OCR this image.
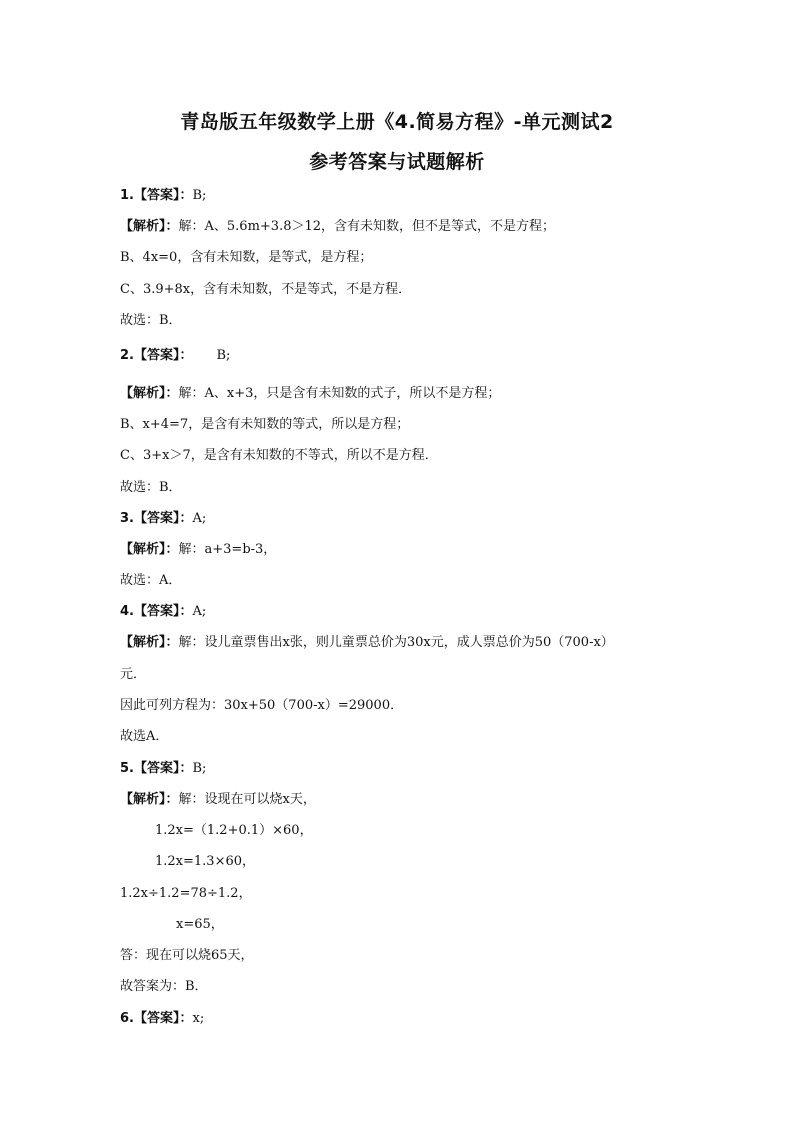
青岛版五年级数学上册《4.简易方程》-单元测试2
参考答案与试题解析
1.【答案】：B;
【解析】：解：A、5.6m+3.8＞12，含有未知数，但不是等式，不是方程；
B、4x=0，含有未知数，是等式，是方程；
C、3.9+8x，含有未知数，不是等式，不是方程．
故选：B．
2.【答案】： B;
【解析】：解：A、x+3，只是含有未知数的式子，所以不是方程；
B、x+4=7，是含有未知数的等式，所以是方程；
C、3+x＞7，是含有未知数的不等式，所以不是方程．
故选：B．
3.【答案】：A;
【解析】：解：a+3=b-3，
故选：A．
4.【答案】：A;
【解析】：解：设儿童票售出x张，则儿童票总价为30x元，成人票总价为50（700-x）
元．
因此可列方程为：30x+50（700-x）=29000．
故选A．
5.【答案】：B;
【解析】：解：设现在可以烧x天，
1.2x=（1.2+0.1）×60，
1.2x=1.3×60，
1.2x÷1.2=78÷1.2，
x=65，
答：现在可以烧65天，
故答案为：B．
6.【答案】：x;
